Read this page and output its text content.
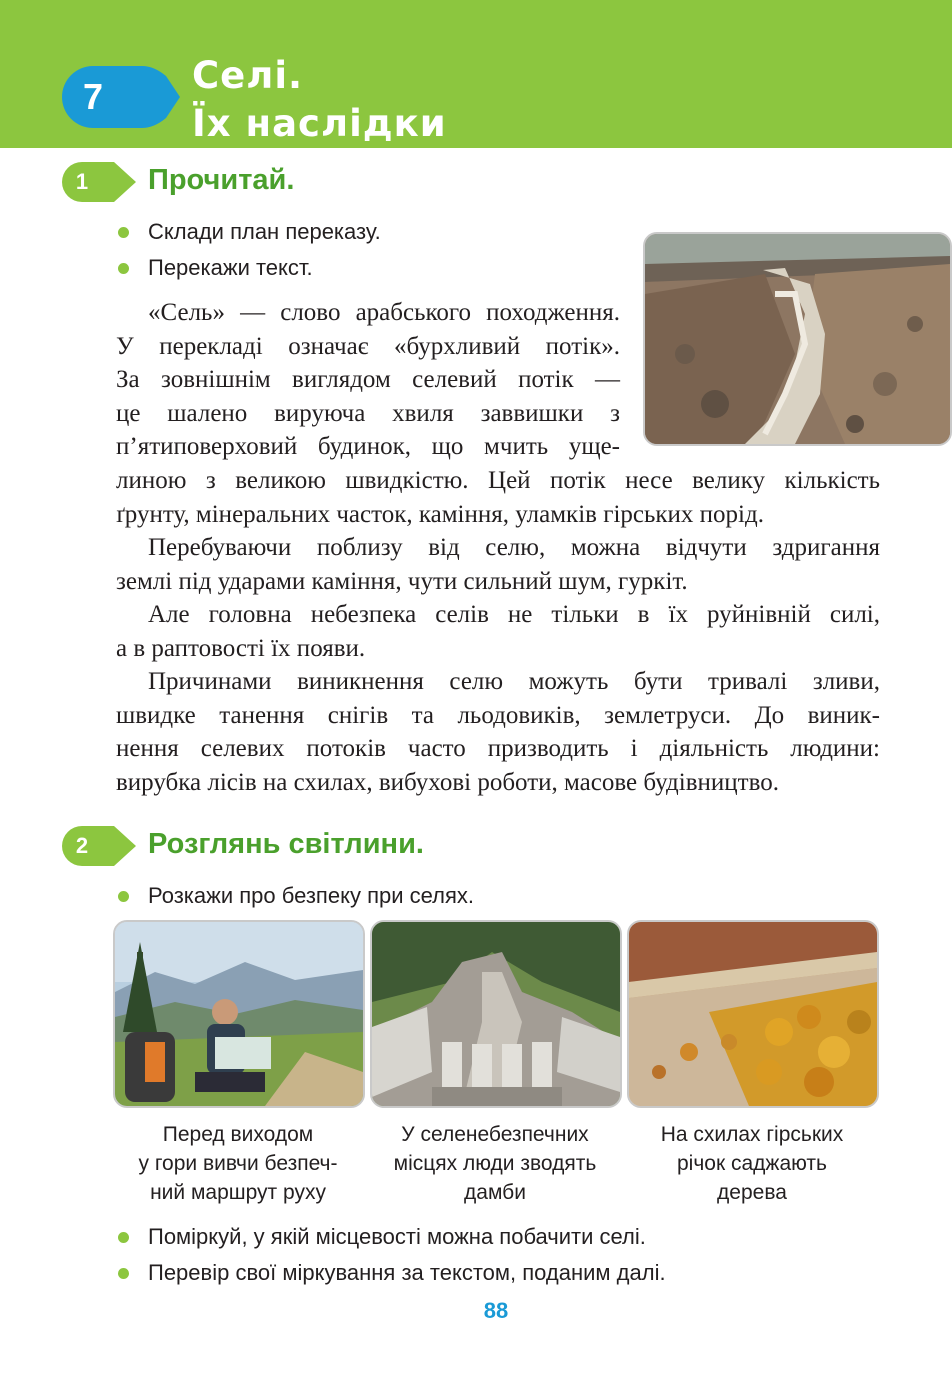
7	Селі.
Їх наслідки
1	Прочитай.
Склади план переказу.
Перекажи текст.

«Сель» — слово арабського походження.
У перекладі означає «бурхливий потік».
За зовнішнім виглядом селевий потік —
це шалено вируюча хвиля заввишки з
п’ятиповерховий будинок, що мчить уще-

линою з великою швидкістю. Цей потік несе велику кількість
ґрунту, мінеральних часток, каміння, уламків гірських порід.

Перебуваючи поблизу від селю, можна відчути здригання
землі під ударами каміння, чути сильний шум, гуркіт.

Але головна небезпека селів не тільки в їх руйнівній силі,
а в раптовості їх появи.

Причинами виникнення селю можуть бути тривалі зливи,
швидке танення снігів та льодовиків, землетруси. До виник-
нення селевих потоків часто призводить і діяльність людини:
вирубка лісів на схилах, вибухові роботи, масове будівництво.

2	Розглянь світлини.
Розкажи про безпеку при селях.
Перед виходом
у гори вивчи безпеч-
ний маршрут руху
У селенебезпечних
місцях люди зводять
дамби
На схилах гірських
річок саджають
дерева
Поміркуй, у якій місцевості можна побачити селі.
Перевір свої міркування за текстом, поданим далі.
88
